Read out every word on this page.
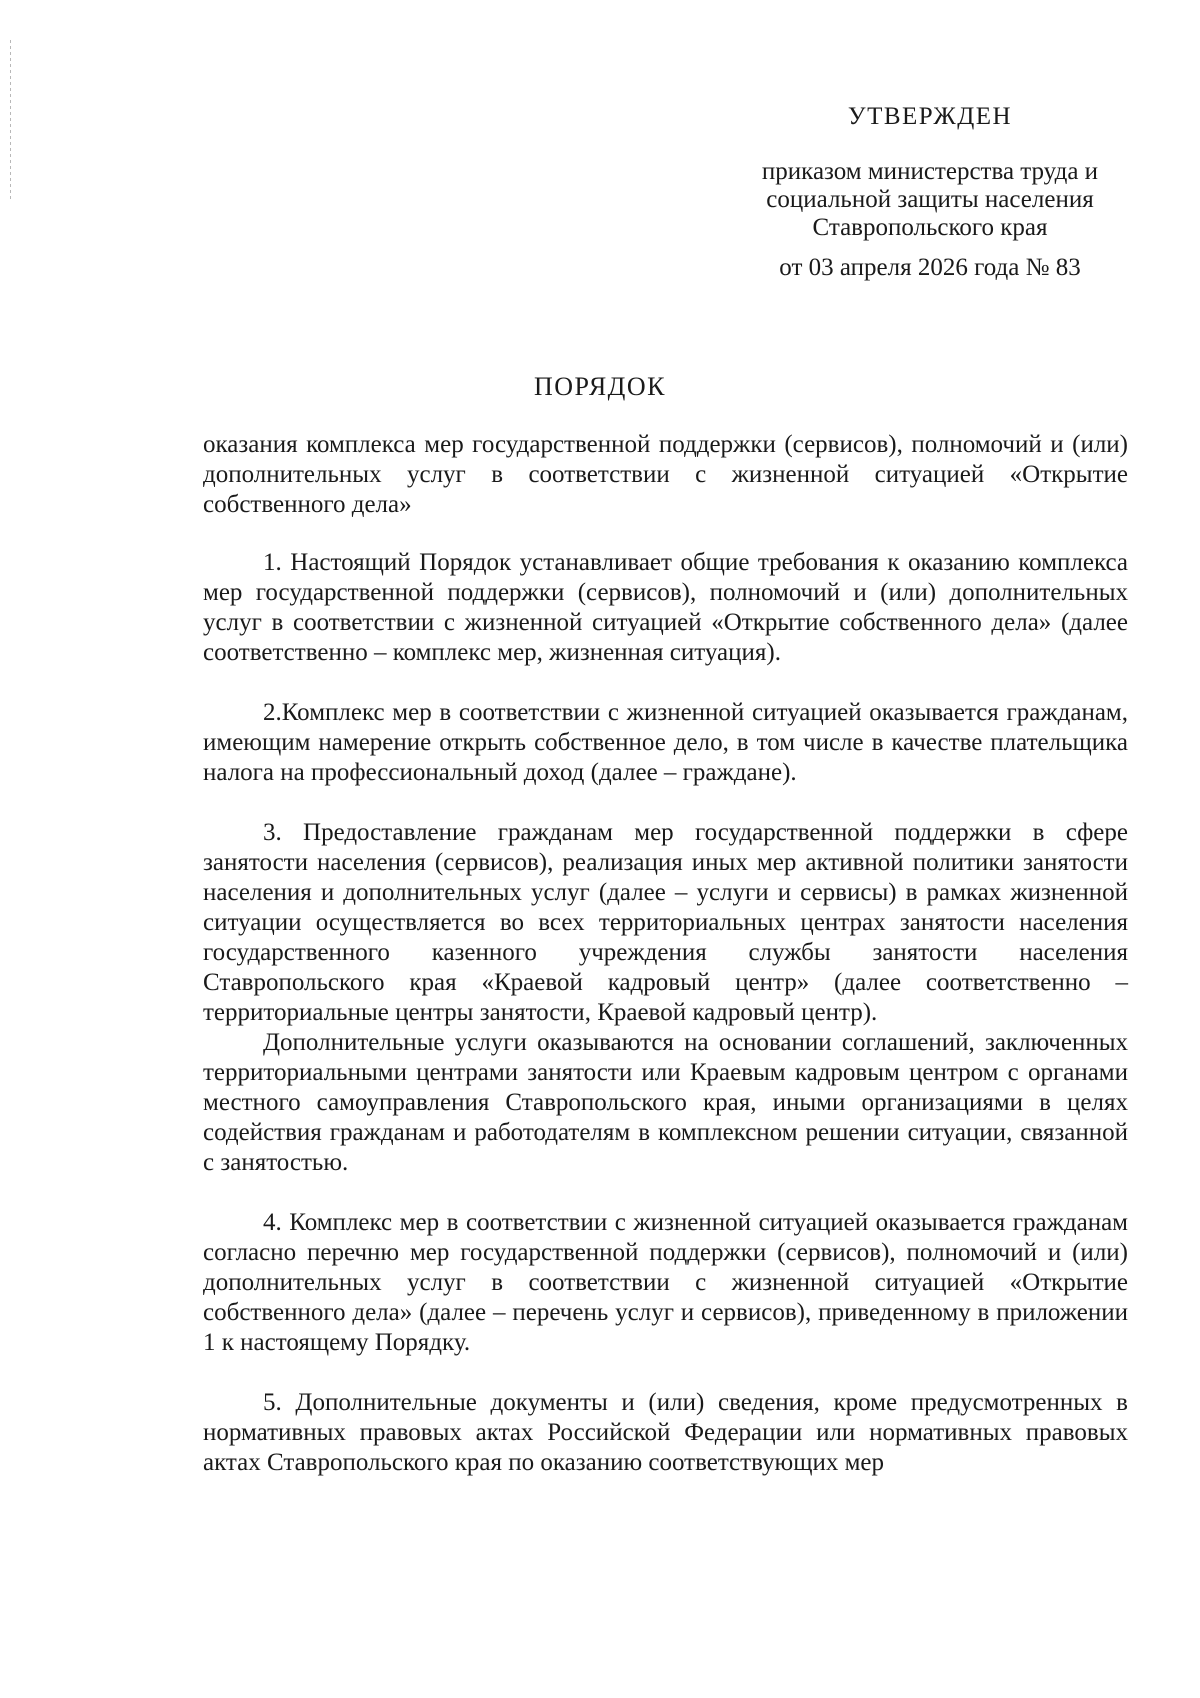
УТВЕРЖДЕН
приказом министерства труда и
социальной защиты населения
Ставропольского края
от 03 апреля 2026 года № 83
ПОРЯДОК
оказания комплекса мер государственной поддержки (сервисов), полномочий и (или) дополнительных услуг в соответствии с жизненной ситуацией «Открытие собственного дела»

1. Настоящий Порядок устанавливает общие требования к оказанию комплекса мер государственной поддержки (сервисов), полномочий и (или) дополнительных услуг в соответствии с жизненной ситуацией «Открытие собственного дела» (далее соответственно – комплекс мер, жизненная ситуация).

2.Комплекс мер в соответствии с жизненной ситуацией оказывается гражданам, имеющим намерение открыть собственное дело, в том числе в качестве плательщика налога на профессиональный доход (далее – граждане).

3. Предоставление гражданам мер государственной поддержки в сфере занятости населения (сервисов), реализация иных мер активной политики занятости населения и дополнительных услуг (далее – услуги и сервисы) в рамках жизненной ситуации осуществляется во всех территориальных центрах занятости населения государственного казенного учреждения службы занятости населения Ставропольского края «Краевой кадровый центр» (далее соответственно – территориальные центры занятости, Краевой кадровый центр).

Дополнительные услуги оказываются на основании соглашений, заключенных территориальными центрами занятости или Краевым кадровым центром с органами местного самоуправления Ставропольского края, иными организациями в целях содействия гражданам и работодателям в комплексном решении ситуации, связанной с занятостью.

4. Комплекс мер в соответствии с жизненной ситуацией оказывается гражданам согласно перечню мер государственной поддержки (сервисов), полномочий и (или) дополнительных услуг в соответствии с жизненной ситуацией «Открытие собственного дела» (далее – перечень услуг и сервисов), приведенному в приложении 1 к настоящему Порядку.

5. Дополнительные документы и (или) сведения, кроме предусмотренных в нормативных правовых актах Российской Федерации или нормативных правовых актах Ставропольского края по оказанию соответствующих мер
